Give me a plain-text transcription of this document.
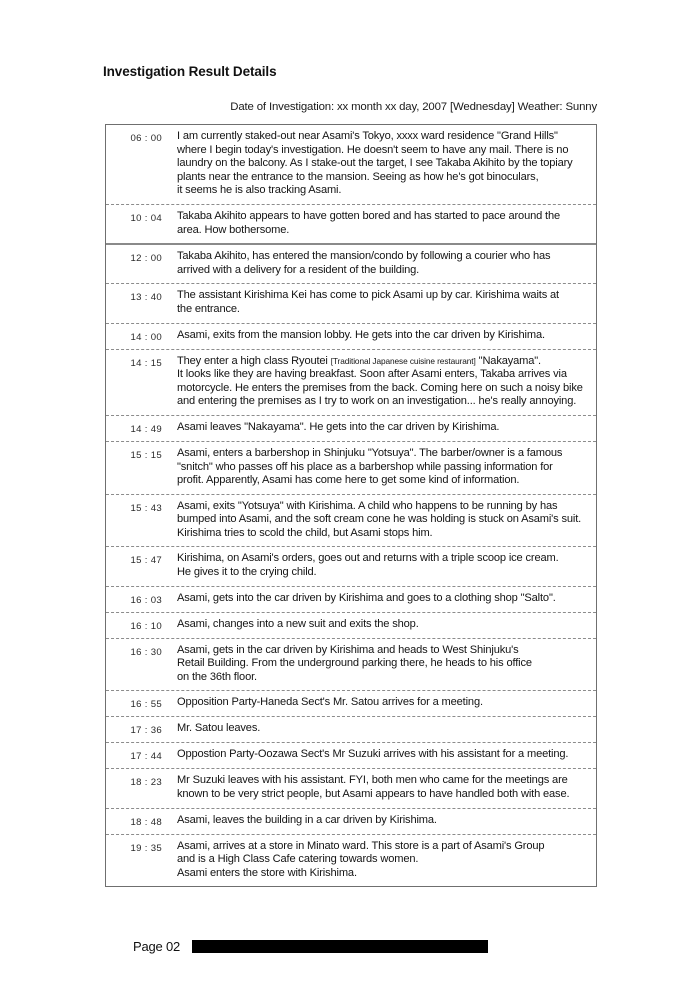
Investigation Result Details
Date of Investigation: xx month xx day, 2007 [Wednesday] Weather: Sunny
06 : 00 I am currently staked-out near Asami's Tokyo, xxxx ward residence "Grand Hills"
where I begin today's investigation. He doesn't seem to have any mail. There is no
laundry on the balcony. As I stake-out the target, I see Takaba Akihito by the topiary
plants near the entrance to the mansion. Seeing as how he's got binoculars,
it seems he is also tracking Asami.
10 : 04 Takaba Akihito appears to have gotten bored and has started to pace around the
area. How bothersome.
12 : 00 Takaba Akihito, has entered the mansion/condo by following a courier who has
arrived with a delivery for a resident of the building.
13 : 40 The assistant Kirishima Kei has come to pick Asami up by car. Kirishima waits at
the entrance.
14 : 00 Asami, exits from the mansion lobby. He gets into the car driven by Kirishima.
14 : 15 They enter a high class Ryoutei [Traditional Japanese cuisine restaurant] "Nakayama".
It looks like they are having breakfast. Soon after Asami enters, Takaba arrives via
motorcycle. He enters the premises from the back. Coming here on such a noisy bike
and entering the premises as I try to work on an investigation... he's really annoying.
14 : 49 Asami leaves "Nakayama". He gets into the car driven by Kirishima.
15 : 15 Asami, enters a barbershop in Shinjuku "Yotsuya". The barber/owner is a famous
"snitch" who passes off his place as a barbershop while passing information for
profit. Apparently, Asami has come here to get some kind of information.
15 : 43 Asami, exits "Yotsuya" with Kirishima. A child who happens to be running by has
bumped into Asami, and the soft cream cone he was holding is stuck on Asami's suit.
Kirishima tries to scold the child, but Asami stops him.
15 : 47 Kirishima, on Asami's orders, goes out and returns with a triple scoop ice cream.
He gives it to the crying child.
16 : 03 Asami, gets into the car driven by Kirishima and goes to a clothing shop "Salto".
16 : 10 Asami, changes into a new suit and exits the shop.
16 : 30 Asami, gets in the car driven by Kirishima and heads to West Shinjuku's
Retail Building. From the underground parking there, he heads to his office
on the 36th floor.
16 : 55 Opposition Party-Haneda Sect's Mr. Satou arrives for a meeting.
17 : 36 Mr. Satou leaves.
17 : 44 Oppostion Party-Oozawa Sect's Mr Suzuki arrives with his assistant for a meeting.
18 : 23 Mr Suzuki leaves with his assistant. FYI, both men who came for the meetings are
known to be very strict people, but Asami appears to have handled both with ease.
18 : 48 Asami, leaves the building in a car driven by Kirishima.
19 : 35 Asami, arrives at a store in Minato ward. This store is a part of Asami's Group
and is a High Class Cafe catering towards women.
Asami enters the store with Kirishima.
Page 02
